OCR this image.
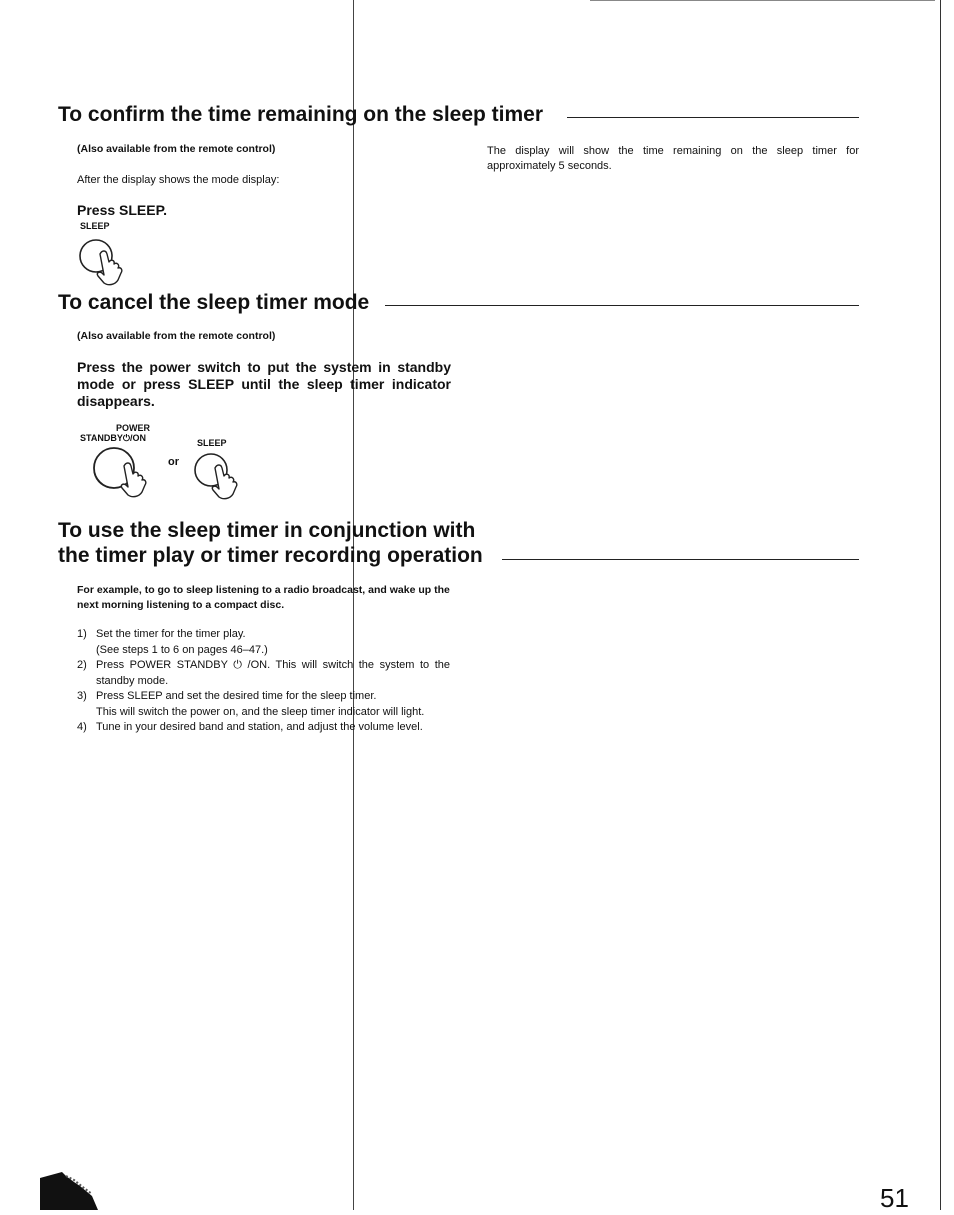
To confirm the time remaining on the sleep timer
(Also available from the remote control)
After the display shows the mode display:
Press SLEEP.
SLEEP
The display will show the time remaining on the sleep timer for approximately 5 seconds.
To cancel the sleep timer mode
(Also available from the remote control)
Press the power switch to put the system in standby mode or press SLEEP until the sleep timer indicator disappears.
POWER
STANDBY⏻/ON	SLEEP
or
To use the sleep timer in conjunction with
the timer play or timer recording operation
For example, to go to sleep listening to a radio broadcast, and wake up the next morning listening to a compact disc.
1) Set the timer for the timer play.
(See steps 1 to 6 on pages 46–47.)
2) Press POWER STANDBY ⏻ /ON. This will switch the system to the standby mode.
3) Press SLEEP and set the desired time for the sleep timer.
This will switch the power on, and the sleep timer indicator will light.
4) Tune in your desired band and station, and adjust the volume level.
51
